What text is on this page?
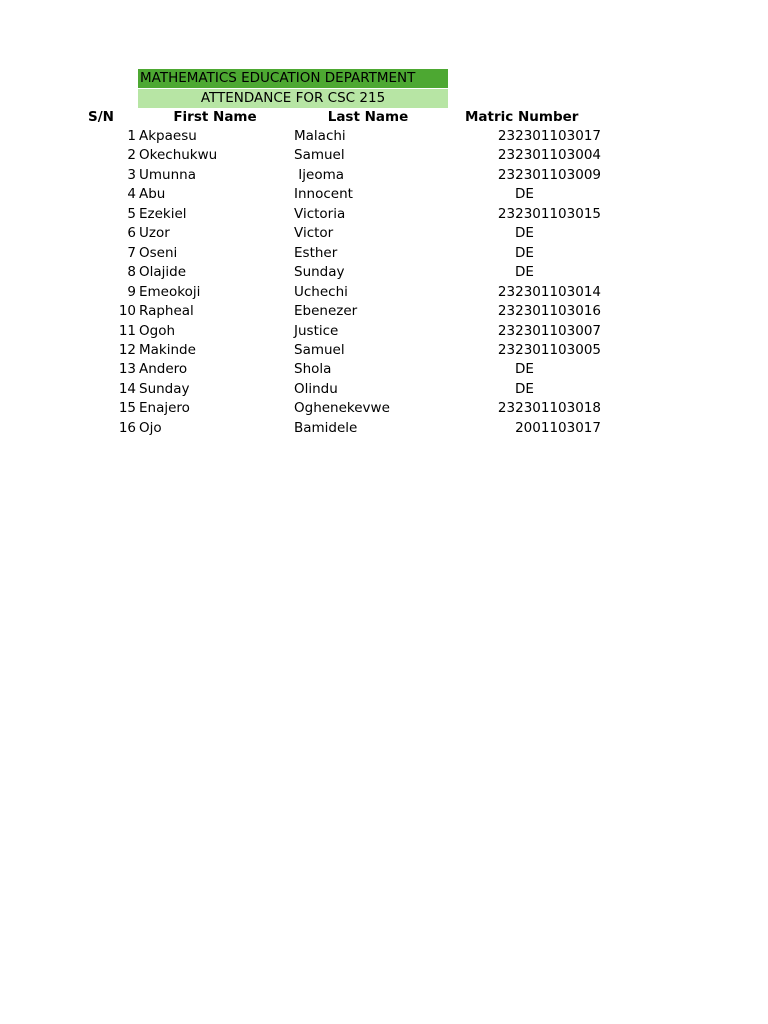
MATHEMATICS EDUCATION DEPARTMENT
ATTENDANCE FOR CSC 215
S/N	First Name	Last Name	Matric Number
1 Akpaesu	Malachi	232301103017
2 Okechukwu	Samuel	232301103004
3 Umunna	Ijeoma	232301103009
4 Abu	Innocent	DE
5 Ezekiel	Victoria	232301103015
6 Uzor	Victor	DE
7 Oseni	Esther	DE
8 Olajide	Sunday	DE
9 Emeokoji	Uchechi	232301103014
10 Rapheal	Ebenezer	232301103016
11 Ogoh	Justice	232301103007
12 Makinde	Samuel	232301103005
13 Andero	Shola	DE
14 Sunday	Olindu	DE
15 Enajero	Oghenekevwe	232301103018
16 Ojo	Bamidele	2001103017
